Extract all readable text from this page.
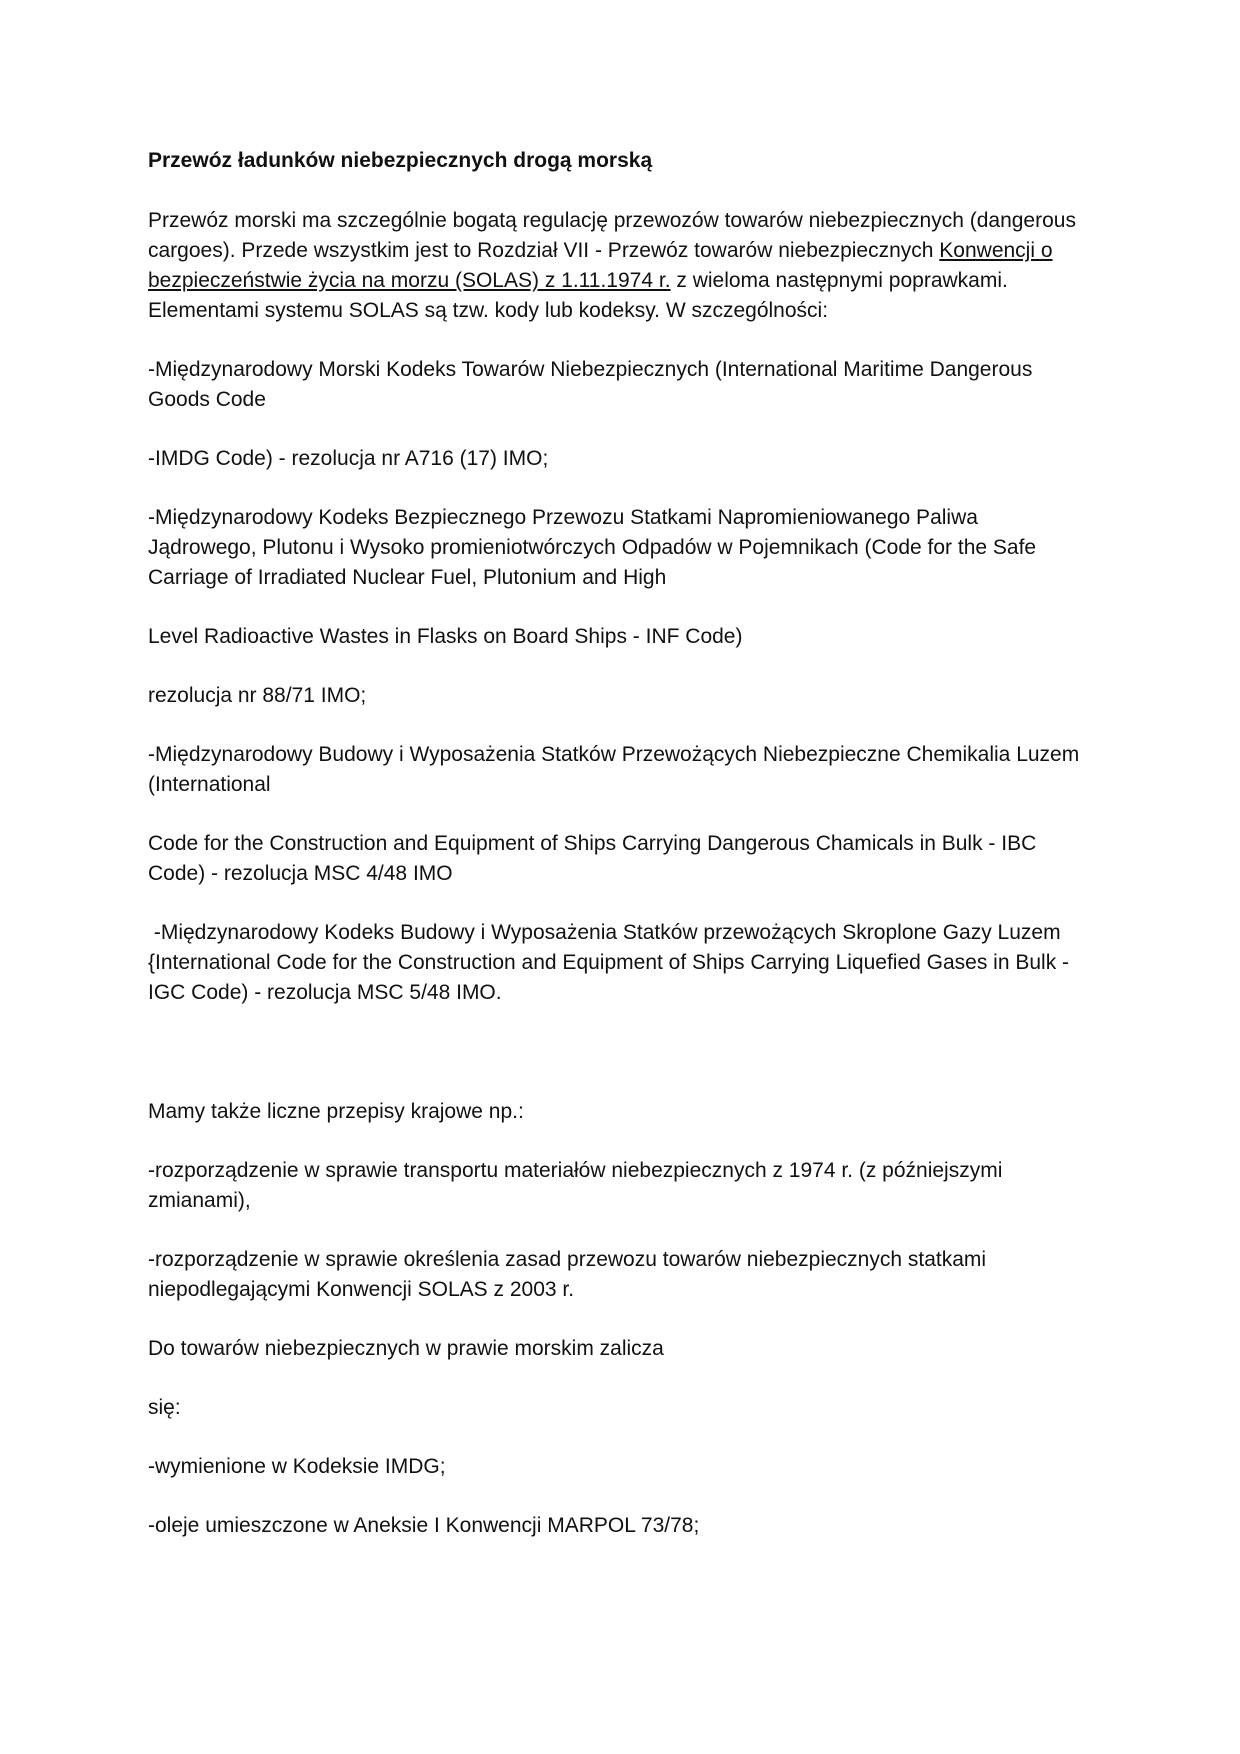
Przewóz ładunków niebezpiecznych drogą morską

Przewóz morski ma szczególnie bogatą regulację przewozów towarów niebezpiecznych (dangerous cargoes). Przede wszystkim jest to Rozdział VII - Przewóz towarów niebezpiecznych Konwencji o bezpieczeństwie życia na morzu (SOLAS) z 1.11.1974 r. z wieloma następnymi poprawkami. Elementami systemu SOLAS są tzw. kody lub kodeksy. W szczególności:

-Międzynarodowy Morski Kodeks Towarów Niebezpiecznych (International Maritime Dangerous Goods Code

-IMDG Code) - rezolucja nr A716 (17) IMO;

-Międzynarodowy Kodeks Bezpiecznego Przewozu Statkami Napromieniowanego Paliwa Jądrowego, Plutonu i Wysoko promieniotwórczych Odpadów w Pojemnikach (Code for the Safe Carriage of Irradiated Nuclear Fuel, Plutonium and High

Level Radioactive Wastes in Flasks on Board Ships - INF Code)

rezolucja nr 88/71 IMO;

-Międzynarodowy Budowy i Wyposażenia Statków Przewożących Niebezpieczne Chemikalia Luzem (International

Code for the Construction and Equipment of Ships Carrying Dangerous Chamicals in Bulk - IBC Code) - rezolucja MSC 4/48 IMO

-Międzynarodowy Kodeks Budowy i Wyposażenia Statków przewożących Skroplone Gazy Luzem {International Code for the Construction and Equipment of Ships Carrying Liquefied Gases in Bulk - IGC Code) - rezolucja MSC 5/48 IMO.

Mamy także liczne przepisy krajowe np.:

-rozporządzenie w sprawie transportu materiałów niebezpiecznych z 1974 r. (z późniejszymi zmianami),

-rozporządzenie w sprawie określenia zasad przewozu towarów niebezpiecznych statkami niepodlegającymi Konwencji SOLAS z 2003 r.

Do towarów niebezpiecznych w prawie morskim zalicza

się:

-wymienione w Kodeksie IMDG;

-oleje umieszczone w Aneksie I Konwencji MARPOL 73/78;
